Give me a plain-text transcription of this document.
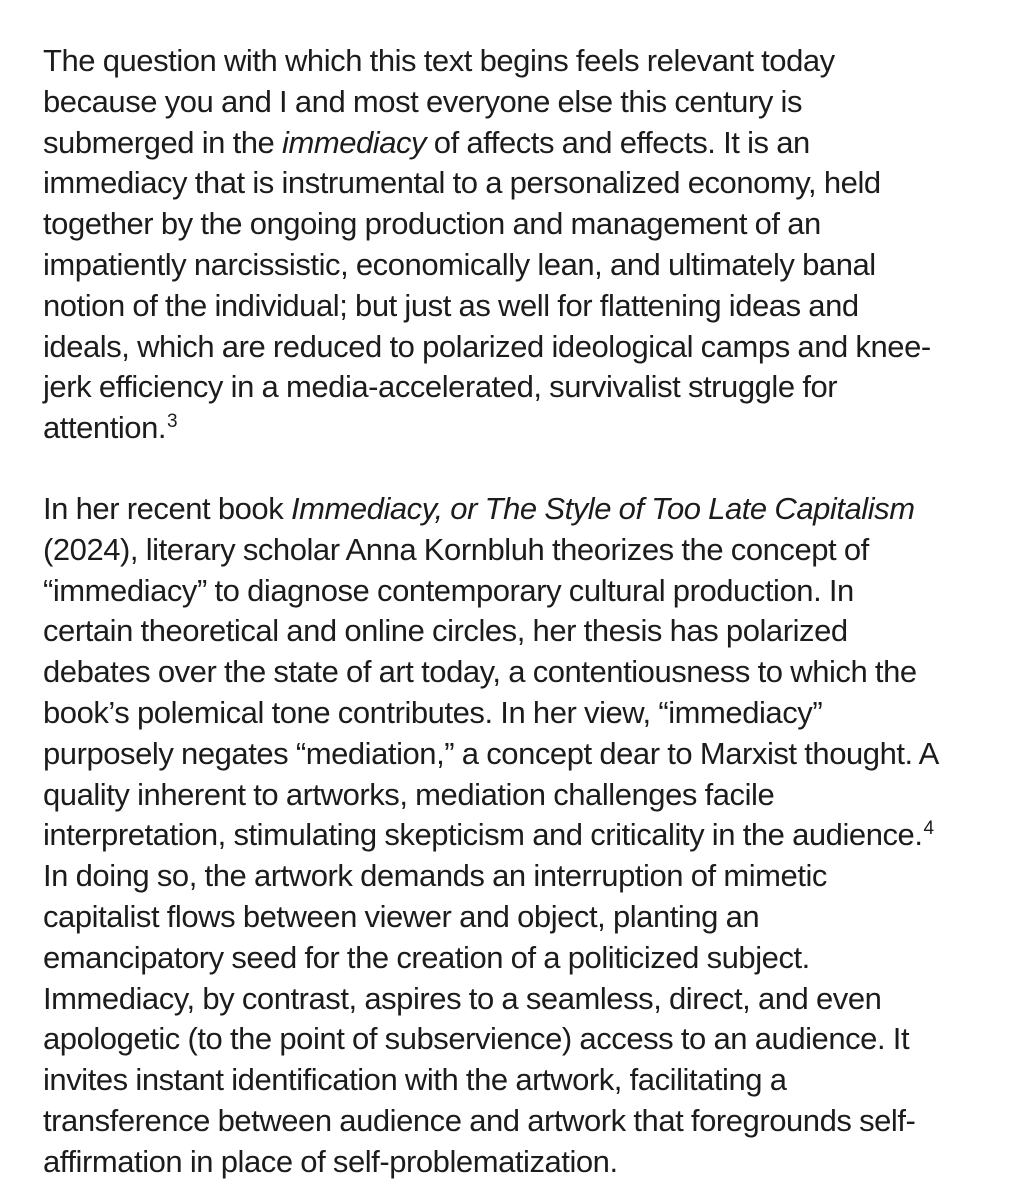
The question with which this text begins feels relevant today
because you and I and most everyone else this century is
submerged in the immediacy of affects and effects. It is an
immediacy that is instrumental to a personalized economy, held
together by the ongoing production and management of an
impatiently narcissistic, economically lean, and ultimately banal
notion of the individual; but just as well for flattening ideas and
ideals, which are reduced to polarized ideological camps and knee-
jerk efficiency in a media-accelerated, survivalist struggle for
attention.$^3$

In her recent book Immediacy, or The Style of Too Late Capitalism
(2024), literary scholar Anna Kornbluh theorizes the concept of
“immediacy” to diagnose contemporary cultural production. In
certain theoretical and online circles, her thesis has polarized
debates over the state of art today, a contentiousness to which the
book’s polemical tone contributes. In her view, “immediacy”
purposely negates “mediation,” a concept dear to Marxist thought. A
quality inherent to artworks, mediation challenges facile
interpretation, stimulating skepticism and criticality in the audience.$^4$
In doing so, the artwork demands an interruption of mimetic
capitalist flows between viewer and object, planting an
emancipatory seed for the creation of a politicized subject.
Immediacy, by contrast, aspires to a seamless, direct, and even
apologetic (to the point of subservience) access to an audience. It
invites instant identification with the artwork, facilitating a
transference between audience and artwork that foregrounds self-
affirmation in place of self-problematization.
